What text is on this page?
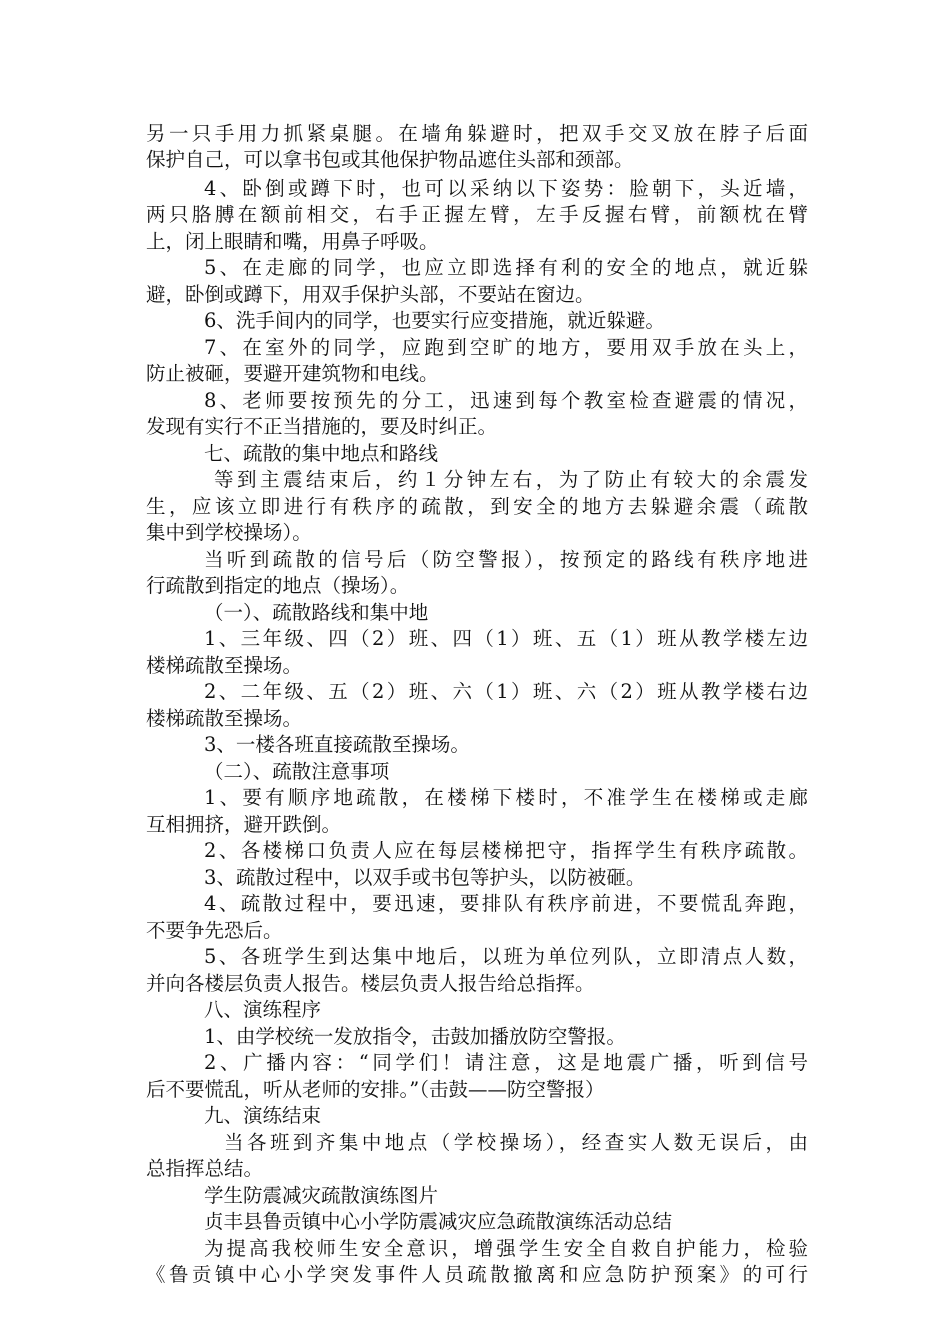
另一只手用力抓紧桌腿。在墙角躲避时，把双手交叉放在脖子后面
保护自己，可以拿书包或其他保护物品遮住头部和颈部。
4、卧倒或蹲下时，也可以采纳以下姿势：脸朝下，头近墙，
两只胳膊在额前相交，右手正握左臂，左手反握右臂，前额枕在臂
上，闭上眼睛和嘴，用鼻子呼吸。
5、在走廊的同学，也应立即选择有利的安全的地点，就近躲
避，卧倒或蹲下，用双手保护头部，不要站在窗边。
6、洗手间内的同学，也要实行应变措施，就近躲避。
7、在室外的同学，应跑到空旷的地方，要用双手放在头上，
防止被砸，要避开建筑物和电线。
8、老师要按预先的分工，迅速到每个教室检查避震的情况，
发现有实行不正当措施的，要及时纠正。
七、疏散的集中地点和路线
等到主震结束后，约１分钟左右，为了防止有较大的余震发
生，应该立即进行有秩序的疏散，到安全的地方去躲避余震（疏散
集中到学校操场）。
当听到疏散的信号后（防空警报），按预定的路线有秩序地进
行疏散到指定的地点（操场）。
（一）、疏散路线和集中地
1、三年级、四（2）班、四（1）班、五（1）班从教学楼左边
楼梯疏散至操场。
2、二年级、五（2）班、六（1）班、六（2）班从教学楼右边
楼梯疏散至操场。
3、一楼各班直接疏散至操场。
（二）、疏散注意事项
1、要有顺序地疏散，在楼梯下楼时，不准学生在楼梯或走廊
互相拥挤，避开跌倒。
2、各楼梯口负责人应在每层楼梯把守，指挥学生有秩序疏散。
3、疏散过程中，以双手或书包等护头，以防被砸。
4、疏散过程中，要迅速，要排队有秩序前进，不要慌乱奔跑，
不要争先恐后。
5、各班学生到达集中地后，以班为单位列队，立即清点人数，
并向各楼层负责人报告。楼层负责人报告给总指挥。
八、演练程序
1、由学校统一发放指令，击鼓加播放防空警报。
2、广播内容：“同学们！请注意，这是地震广播，听到信号
后不要慌乱，听从老师的安排。”（击鼓——防空警报）
九、演练结束
当各班到齐集中地点（学校操场），经查实人数无误后，由
总指挥总结。
学生防震减灾疏散演练图片
贞丰县鲁贡镇中心小学防震减灾应急疏散演练活动总结
为提高我校师生安全意识，增强学生安全自救自护能力，检验
《鲁贡镇中心小学突发事件人员疏散撤离和应急防护预案》的可行
